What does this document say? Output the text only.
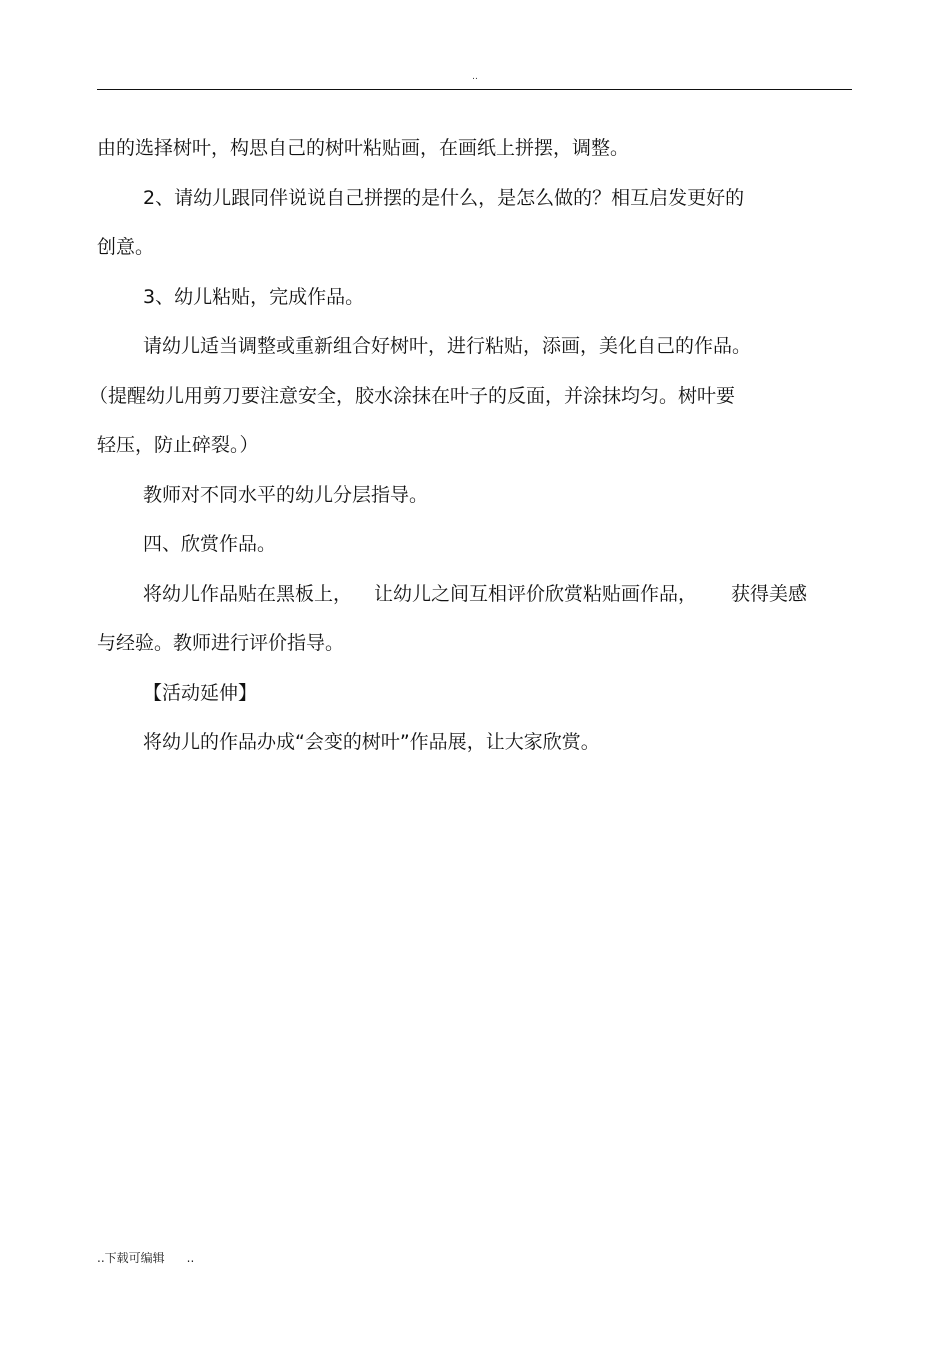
..

由的选择树叶，构思自己的树叶粘贴画，在画纸上拼摆，调整。

2、请幼儿跟同伴说说自己拼摆的是什么，是怎么做的？相互启发更好的

创意。

3、幼儿粘贴，完成作品。

请幼儿适当调整或重新组合好树叶，进行粘贴，添画，美化自己的作品。

（提醒幼儿用剪刀要注意安全，胶水涂抹在叶子的反面，并涂抹均匀。树叶要

轻压，防止碎裂。）

教师对不同水平的幼儿分层指导。

四、欣赏作品。

将幼儿作品贴在黑板上， 让幼儿之间互相评价欣赏粘贴画作品， 获得美感

与经验。教师进行评价指导。

【活动延伸】

将幼儿的作品办成“会变的树叶”作品展，让大家欣赏。

..下载可编辑 ..
